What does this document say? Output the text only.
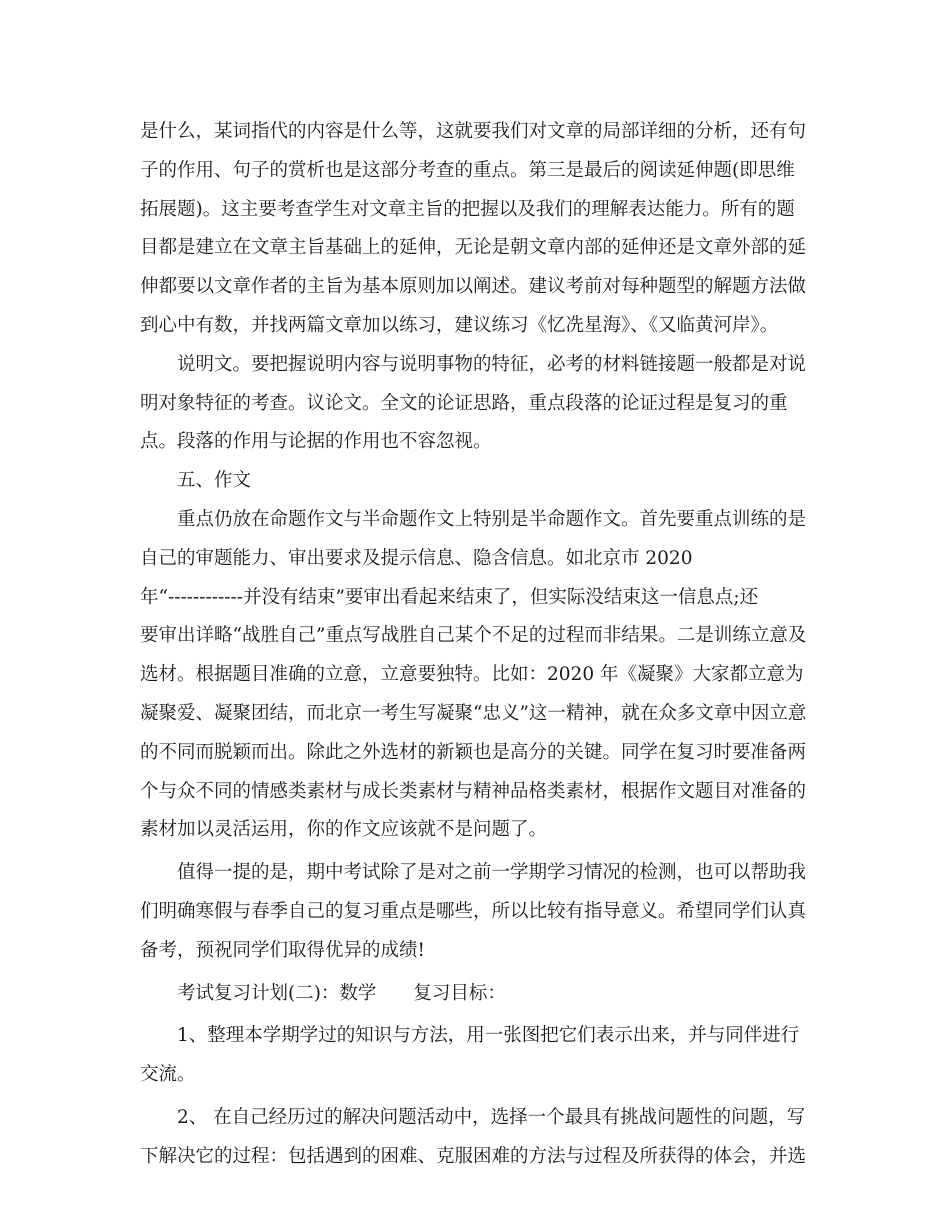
是什么，某词指代的内容是什么等，这就要我们对文章的局部详细的分析，还有句
子的作用、句子的赏析也是这部分考查的重点。第三是最后的阅读延伸题(即思维
拓展题)。这主要考查学生对文章主旨的把握以及我们的理解表达能力。所有的题
目都是建立在文章主旨基础上的延伸，无论是朝文章内部的延伸还是文章外部的延
伸都要以文章作者的主旨为基本原则加以阐述。建议考前对每种题型的解题方法做
到心中有数，并找两篇文章加以练习，建议练习《忆冼星海》、《又临黄河岸》。
说明文。要把握说明内容与说明事物的特征，必考的材料链接题一般都是对说
明对象特征的考查。议论文。全文的论证思路，重点段落的论证过程是复习的重
点。段落的作用与论据的作用也不容忽视。
五、作文
重点仍放在命题作文与半命题作文上特别是半命题作文。首先要重点训练的是
自己的审题能力、审出要求及提示信息、隐含信息。如北京市 2020
年“------------并没有结束”要审出看起来结束了，但实际没结束这一信息点;还
要审出详略“战胜自己”重点写战胜自己某个不足的过程而非结果。二是训练立意及
选材。根据题目准确的立意，立意要独特。比如：2020 年《凝聚》大家都立意为
凝聚爱、凝聚团结，而北京一考生写凝聚“忠义”这一精神，就在众多文章中因立意
的不同而脱颖而出。除此之外选材的新颖也是高分的关键。同学在复习时要准备两
个与众不同的情感类素材与成长类素材与精神品格类素材，根据作文题目对准备的
素材加以灵活运用，你的作文应该就不是问题了。
值得一提的是，期中考试除了是对之前一学期学习情况的检测，也可以帮助我
们明确寒假与春季自己的复习重点是哪些，所以比较有指导意义。希望同学们认真
备考，预祝同学们取得优异的成绩!
考试复习计划(二)：数学　　复习目标：
1、整理本学期学过的知识与方法，用一张图把它们表示出来，并与同伴进行
交流。
2、 在自己经历过的解决问题活动中，选择一个最具有挑战问题性的问题，写
下解决它的过程：包括遇到的困难、克服困难的方法与过程及所获得的体会，并选
